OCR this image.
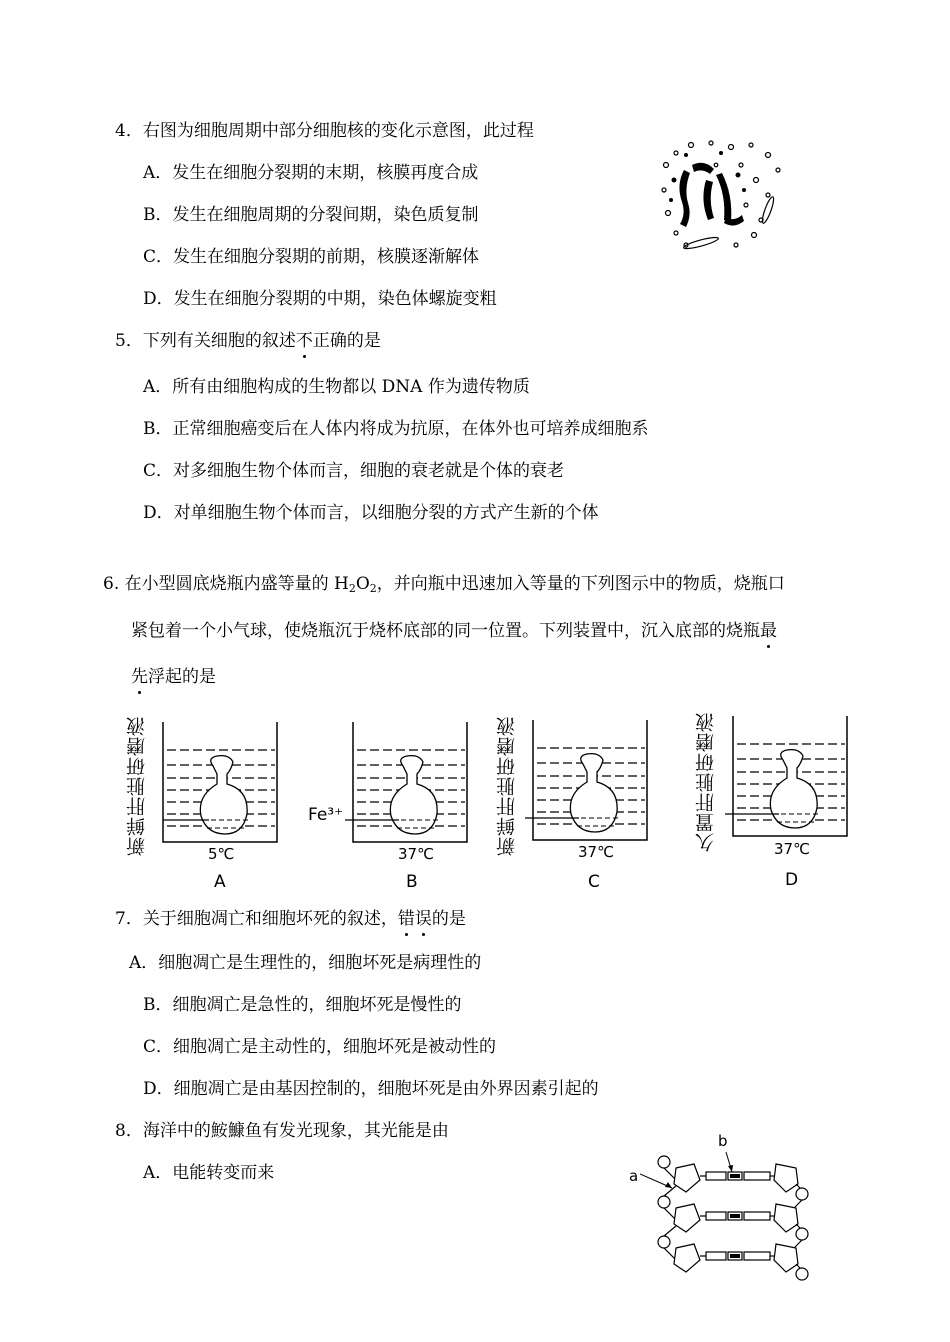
4．右图为细胞周期中部分细胞核的变化示意图，此过程
A．发生在细胞分裂期的末期，核膜再度合成
B．发生在细胞周期的分裂间期，染色质复制
C．发生在细胞分裂期的前期，核膜逐渐解体
D．发生在细胞分裂期的中期，染色体螺旋变粗
5．下列有关细胞的叙述不正确的是
A．所有由细胞构成的生物都以 DNA 作为遗传物质
B．正常细胞癌变后在人体内将成为抗原，在体外也可培养成细胞系
C．对多细胞生物个体而言，细胞的衰老就是个体的衰老
D．对单细胞生物个体而言，以细胞分裂的方式产生新的个体
6. 在小型圆底烧瓶内盛等量的 $H_2O_2$，并向瓶中迅速加入等量的下列图示中的物质，烧瓶口
紧包着一个小气球，使烧瓶沉于烧杯底部的同一位置。下列装置中，沉入底部的烧瓶最
先浮起的是
新鲜肝脏研磨液	5℃
A
Fe³⁺
37℃
B
新鲜肝脏研磨液	37℃
C
久置肝脏研磨液	37℃
D
7．关于细胞凋亡和细胞坏死的叙述，错误的是
A．细胞凋亡是生理性的，细胞坏死是病理性的
B．细胞凋亡是急性的，细胞坏死是慢性的
C．细胞凋亡是主动性的，细胞坏死是被动性的
D．细胞凋亡是由基因控制的，细胞坏死是由外界因素引起的
8．海洋中的鮟鱇鱼有发光现象，其光能是由
A．电能转变而来
b
a
